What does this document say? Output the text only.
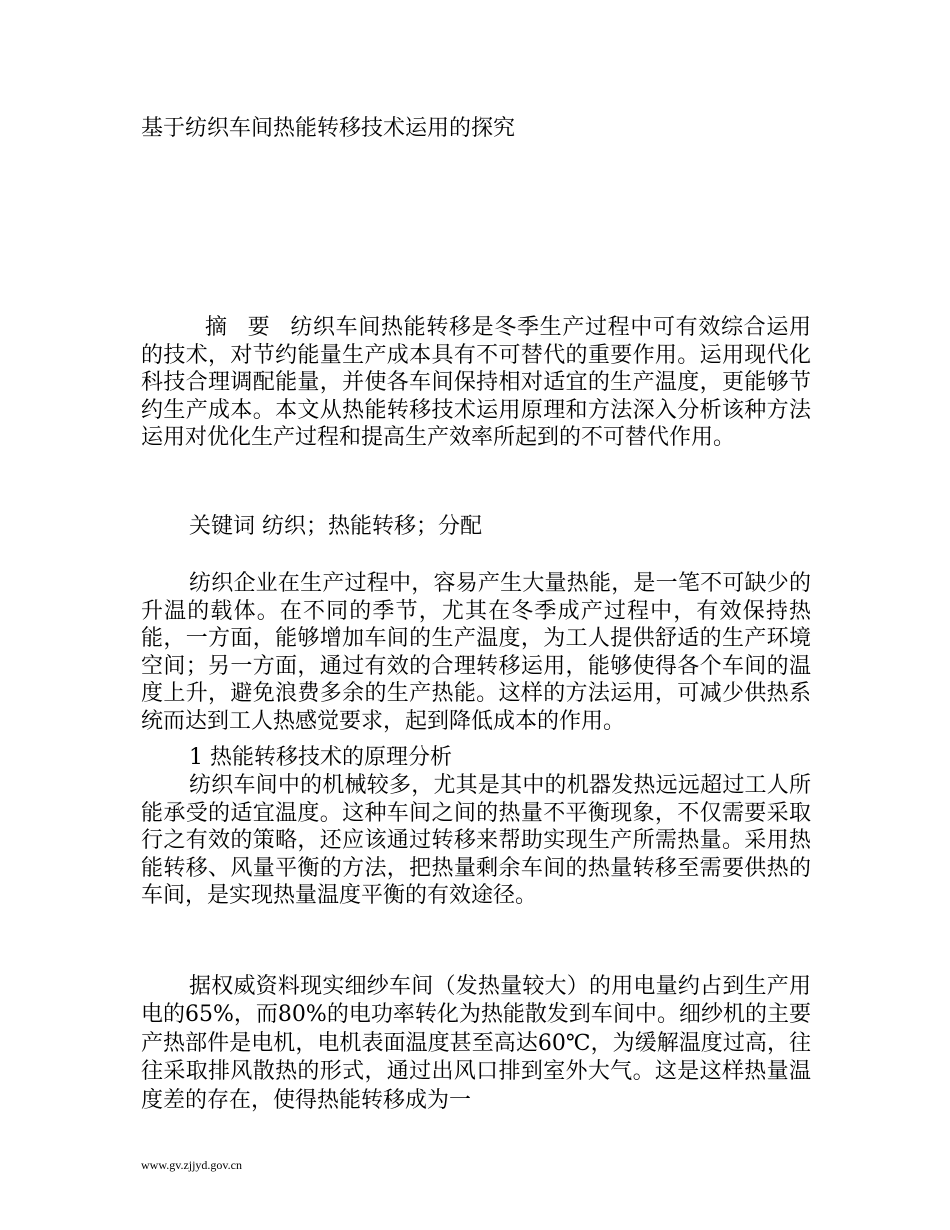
基于纺织车间热能转移技术运用的探究
摘要纺织车间热能转移是冬季生产过程中可有效综合运用的技术，对节约能量生产成本具有不可替代的重要作用。运用现代化科技合理调配能量，并使各车间保持相对适宜的生产温度，更能够节约生产成本。本文从热能转移技术运用原理和方法深入分析该种方法运用对优化生产过程和提高生产效率所起到的不可替代作用。
关键词 纺织；热能转移；分配
纺织企业在生产过程中，容易产生大量热能，是一笔不可缺少的升温的载体。在不同的季节，尤其在冬季成产过程中，有效保持热能，一方面，能够增加车间的生产温度，为工人提供舒适的生产环境空间；另一方面，通过有效的合理转移运用，能够使得各个车间的温度上升，避免浪费多余的生产热能。这样的方法运用，可减少供热系统而达到工人热感觉要求，起到降低成本的作用。
1 热能转移技术的原理分析
纺织车间中的机械较多，尤其是其中的机器发热远远超过工人所能承受的适宜温度。这种车间之间的热量不平衡现象，不仅需要采取行之有效的策略，还应该通过转移来帮助实现生产所需热量。采用热能转移、风量平衡的方法，把热量剩余车间的热量转移至需要供热的车间，是实现热量温度平衡的有效途径。
据权威资料现实细纱车间（发热量较大）的用电量约占到生产用电的65%，而80%的电功率转化为热能散发到车间中。细纱机的主要产热部件是电机，电机表面温度甚至高达60℃，为缓解温度过高，往往采取排风散热的形式，通过出风口排到室外大气。这是这样热量温度差的存在，使得热能转移成为一
www.gv.zjjyd.gov.cn
